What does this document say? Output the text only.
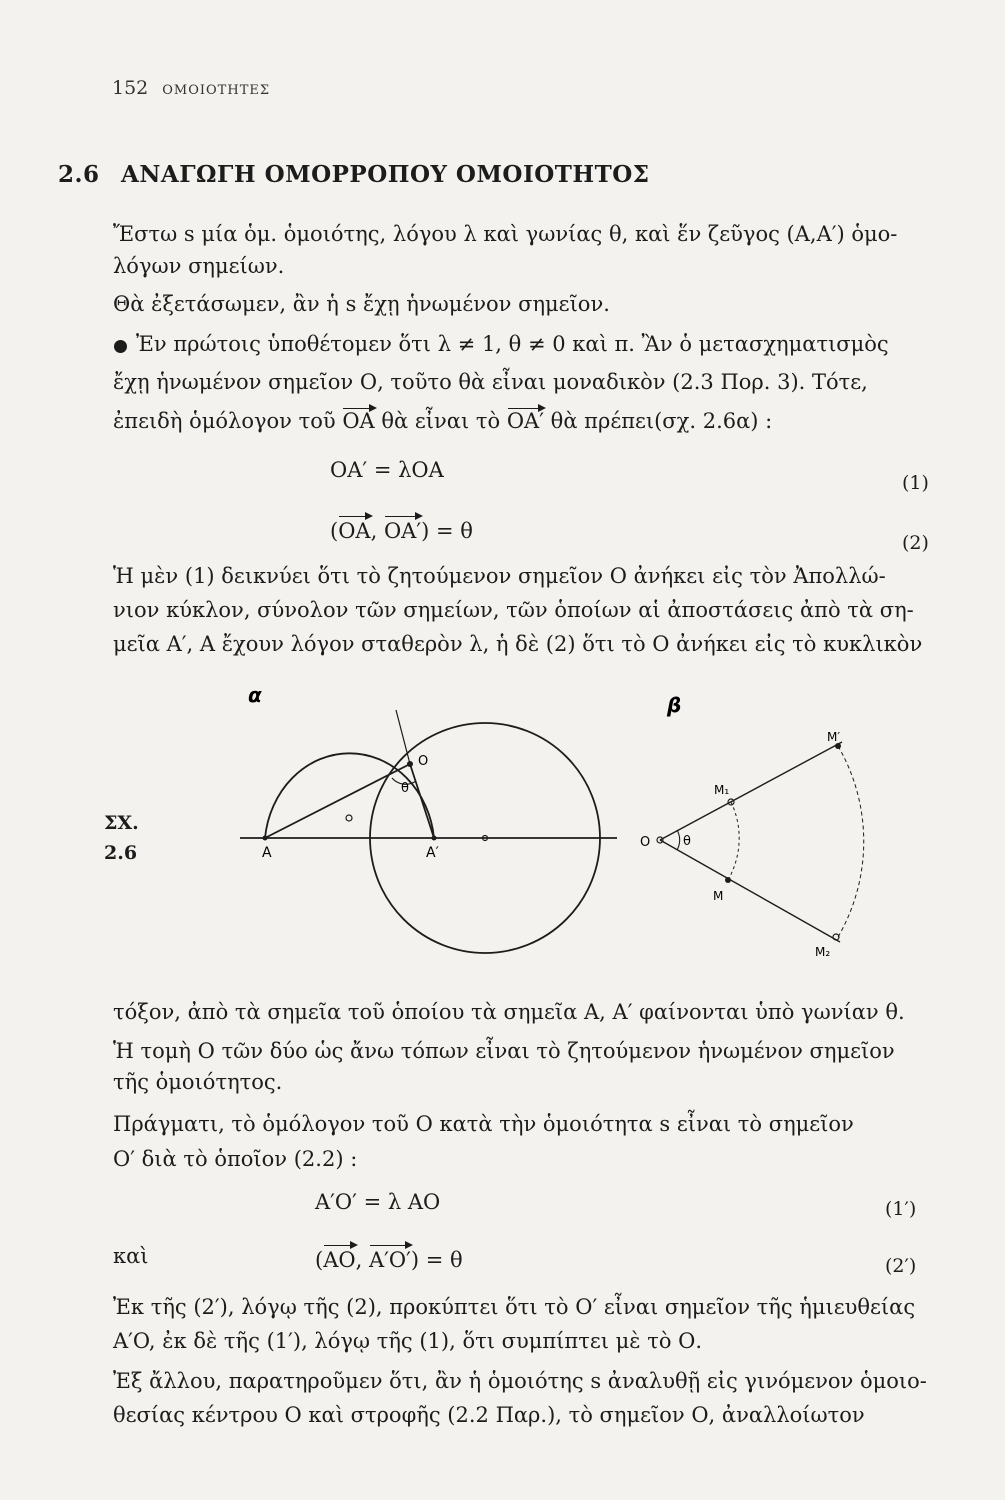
152 ΟΜΟΙΟΤΗΤΕΣ
2.6 ΑΝΑΓΩΓΗ ΟΜΟΡΡΟΠΟΥ ΟΜΟΙΟΤΗΤΟΣ
Ἔστω s μία ὁμ. ὁμοιότης, λόγου λ καὶ γωνίας θ, καὶ ἕν ζεῦγος (A,A′) ὁμο-
λόγων σημείων.
Θὰ ἐξετάσωμεν, ἂν ἡ s ἔχῃ ἡνωμένον σημεῖον.
Ἐν πρώτοις ὑποθέτομεν ὅτι λ ≠ 1, θ ≠ 0 καὶ π. Ἂν ὁ μετασχηματισμὸς
ἔχῃ ἡνωμένον σημεῖον Ο, τοῦτο θὰ εἶναι μοναδικὸν (2.3 Πορ. 3). Τότε,
ἐπειδὴ ὁμόλογον τοῦ OA θὰ εἶναι τὸ OA′ θὰ πρέπει(σχ. 2.6α) :
OA′ = λOA
(1)
(OA, OA′) = θ	(2)
Ἡ μὲν (1) δεικνύει ὅτι τὸ ζητούμενον σημεῖον Ο ἀνήκει εἰς τὸν Ἀπολλώ-
νιον κύκλον, σύνολον τῶν σημείων, τῶν ὁποίων αἱ ἀποστάσεις ἀπὸ τὰ ση-
μεῖα A′, A ἔχουν λόγον σταθερὸν λ, ἡ δὲ (2) ὅτι τὸ Ο ἀνήκει εἰς τὸ κυκλικὸν
ΣΧ.
2.6
α
A	A′
O
θ
β
O	θ
M₁
M
M′
M₂
τόξον, ἀπὸ τὰ σημεῖα τοῦ ὁποίου τὰ σημεῖα A, A′ φαίνονται ὑπὸ γωνίαν θ.
Ἡ τομὴ Ο τῶν δύο ὡς ἄνω τόπων εἶναι τὸ ζητούμενον ἡνωμένον σημεῖον
τῆς ὁμοιότητος.
Πράγματι, τὸ ὁμόλογον τοῦ Ο κατὰ τὴν ὁμοιότητα s εἶναι τὸ σημεῖον
Ο′ διὰ τὸ ὁποῖον (2.2) :
A′O′ = λ AO	(1′)
καὶ	(AO, A′O′) = θ	(2′)
Ἐκ τῆς (2′), λόγῳ τῆς (2), προκύπτει ὅτι τὸ Ο′ εἶναι σημεῖον τῆς ἡμιευθείας
A′O, ἐκ δὲ τῆς (1′), λόγῳ τῆς (1), ὅτι συμπίπτει μὲ τὸ Ο.
Ἐξ ἄλλου, παρατηροῦμεν ὅτι, ἂν ἡ ὁμοιότης s ἀναλυθῇ εἰς γινόμενον ὁμοιο-
θεσίας κέντρου Ο καὶ στροφῆς (2.2 Παρ.), τὸ σημεῖον Ο, ἀναλλοίωτον
